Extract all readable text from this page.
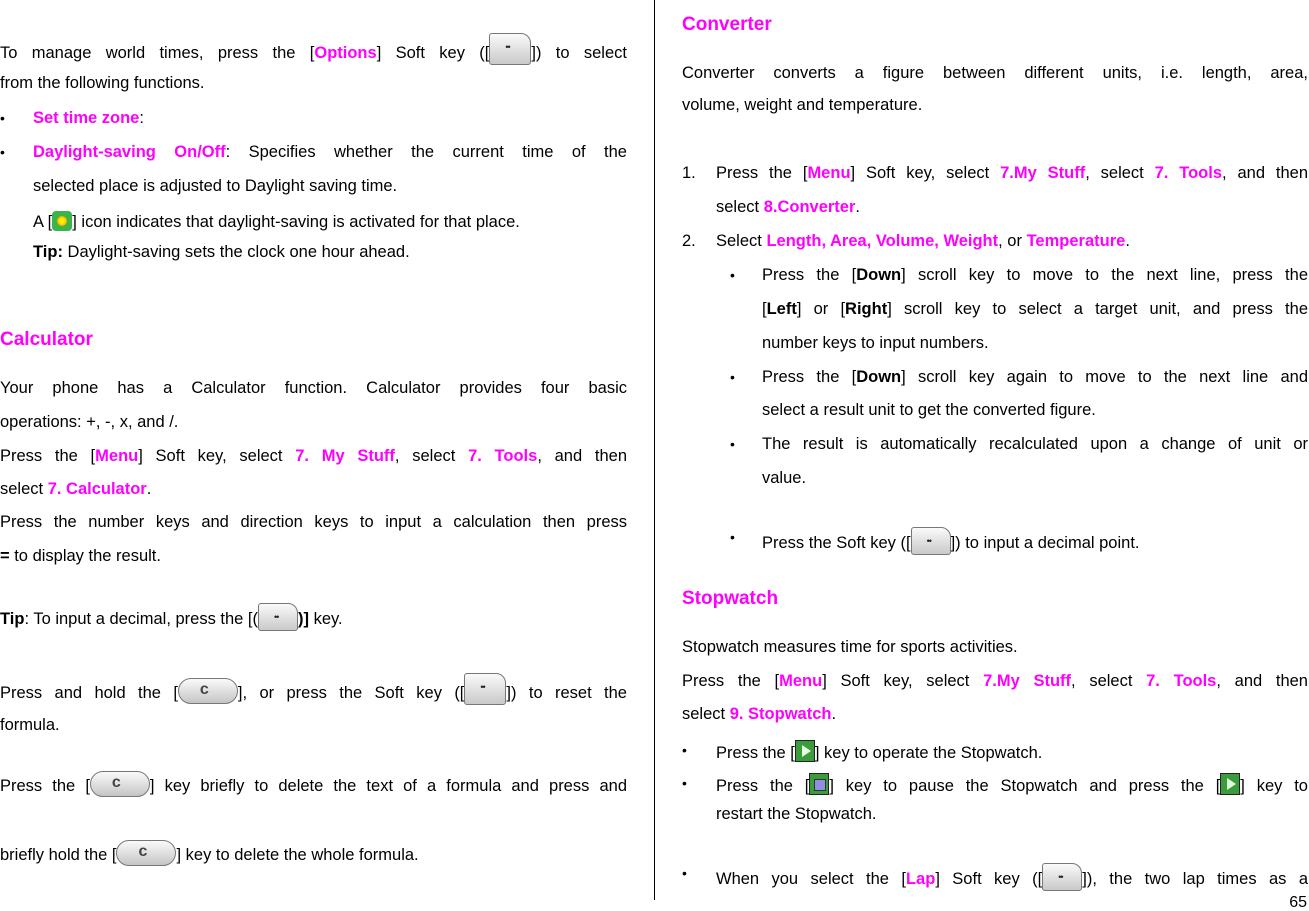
To manage world times, press the [Options] Soft key ([ ••	]) to select
from the following functions.
• Set time zone:
• Daylight-saving On/Off: Specifies whether the current time of the
selected place is adjusted to Daylight saving time.
A [ ] icon indicates that daylight-saving is activated for that place.
Tip: Daylight-saving sets the clock one hour ahead.
Calculator
Your phone has a Calculator function. Calculator provides four basic
operations: +, -, x, and /.
Press the [Menu] Soft key, select 7. My Stuff, select 7. Tools, and then
select 7. Calculator.
Press the number keys and direction keys to input a calculation then press
= to display the result.
Tip: To input a decimal, press the [( •• )] key.
Press and hold the [ c	], or press the Soft key ([ ••	]) to reset the
formula.
Press the [ c	] key briefly to delete the text of a formula and press and
briefly hold the [ c	] key to delete the whole formula.
Converter
Converter converts a figure between different units, i.e. length, area,
volume, weight and temperature.
1. Press the [Menu] Soft key, select 7.My Stuff, select 7. Tools, and then
select 8.Converter.
2. Select Length, Area, Volume, Weight, or Temperature.
• Press the [Down] scroll key to move to the next line, press the
[Left] or [Right] scroll key to select a target unit, and press the
number keys to input numbers.
• Press the [Down] scroll key again to move to the next line and
select a result unit to get the converted figure.
• The result is automatically recalculated upon a change of unit or
value.
• Press the Soft key ([ •• ]) to input a decimal point.
Stopwatch
Stopwatch measures time for sports activities.
Press the [Menu] Soft key, select 7.My Stuff, select 7. Tools, and then
select 9. Stopwatch.
• Press the [ ] key to operate the Stopwatch.
• Press the [ ] key to pause the Stopwatch and press the [ ] key to
restart the Stopwatch.
• When you select the [Lap] Soft key ([ •• ]), the two lap times as a
65
